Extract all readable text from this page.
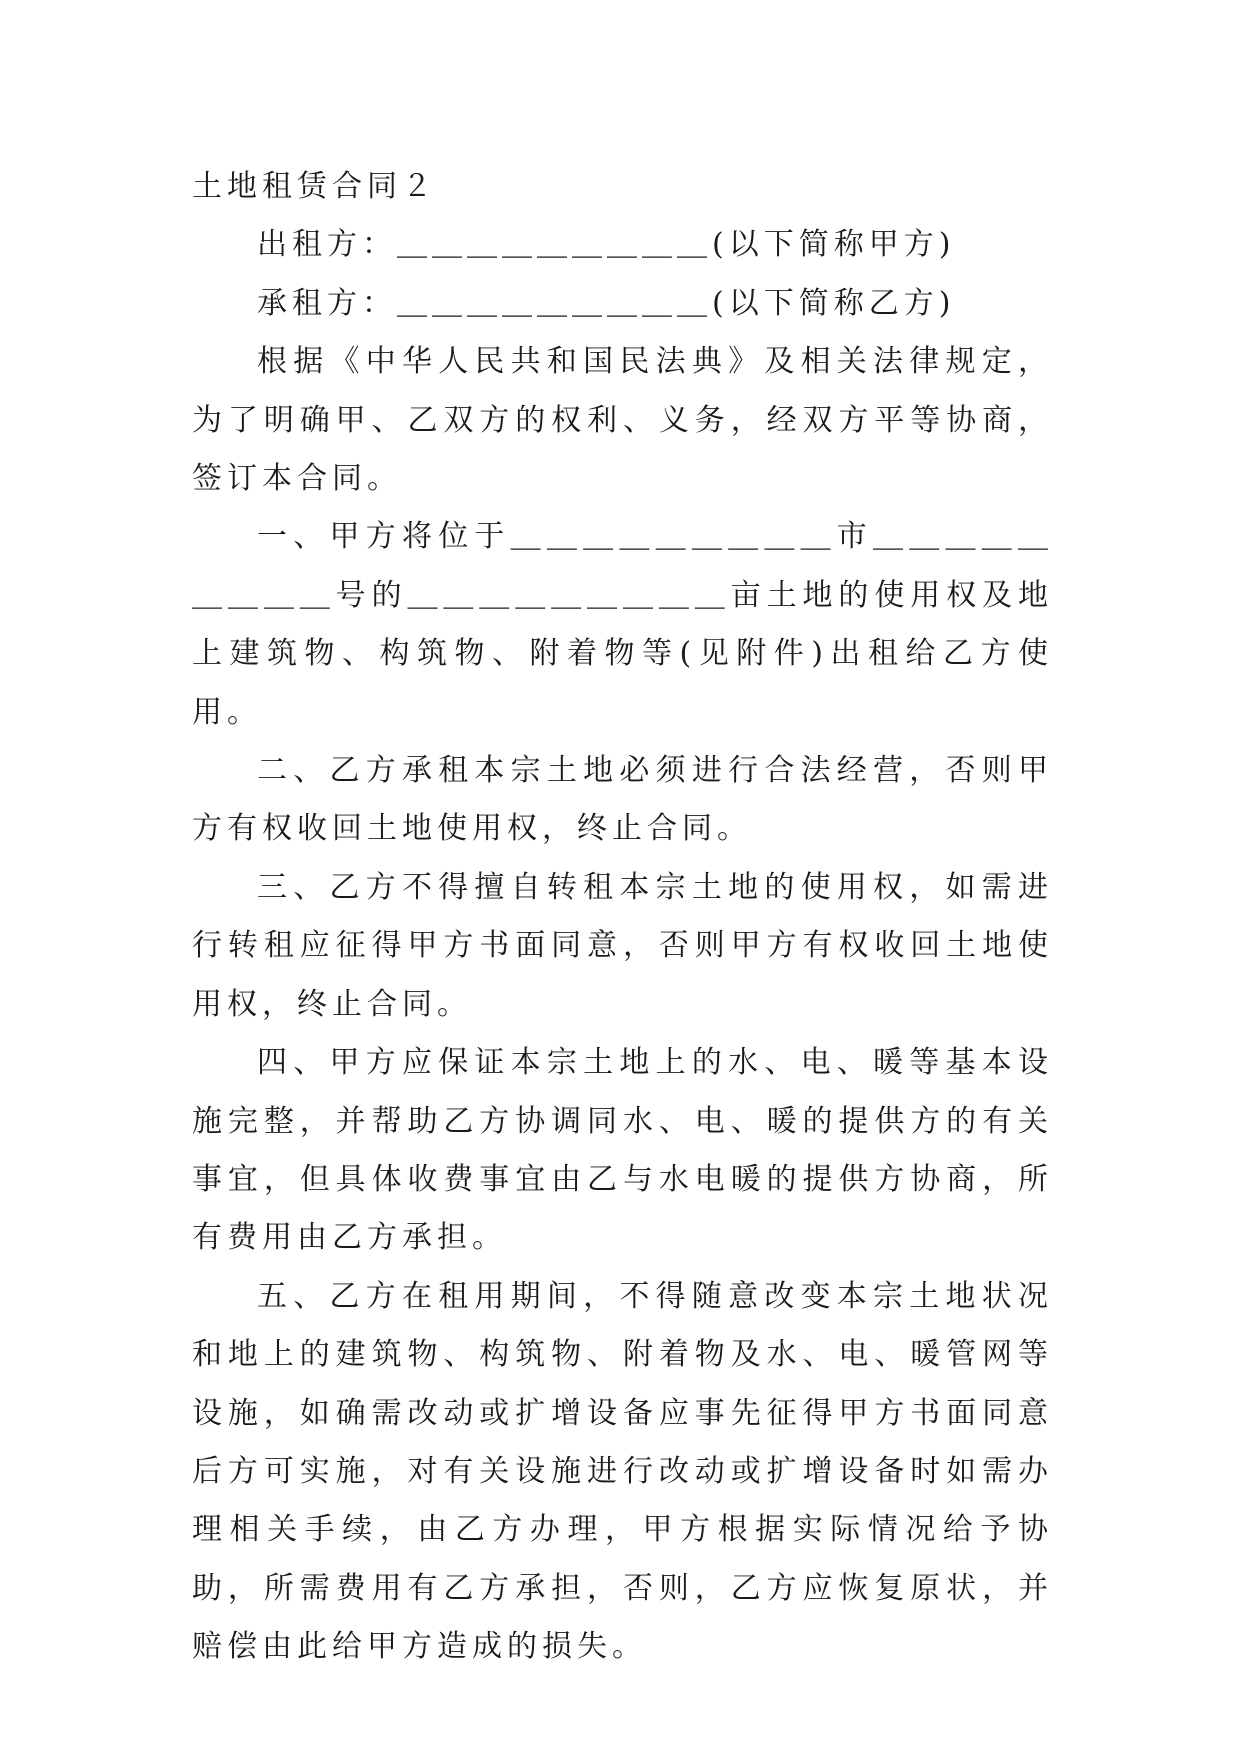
土地租赁合同２

出租方：＿＿＿＿＿＿＿＿＿(以下简称甲方)

承租方：＿＿＿＿＿＿＿＿＿(以下简称乙方)

根据《中华人民共和国民法典》及相关法律规定，为了明确甲、乙双方的权利、义务，经双方平等协商，签订本合同。

一、甲方将位于＿＿＿＿＿＿＿＿＿市＿＿＿＿＿＿＿＿＿号的＿＿＿＿＿＿＿＿＿亩土地的使用权及地上建筑物、构筑物、附着物等(见附件)出租给乙方使用。

二、乙方承租本宗土地必须进行合法经营，否则甲方有权收回土地使用权，终止合同。

三、乙方不得擅自转租本宗土地的使用权，如需进行转租应征得甲方书面同意，否则甲方有权收回土地使用权，终止合同。

四、甲方应保证本宗土地上的水、电、暖等基本设施完整，并帮助乙方协调同水、电、暖的提供方的有关事宜，但具体收费事宜由乙与水电暖的提供方协商，所有费用由乙方承担。

五、乙方在租用期间，不得随意改变本宗土地状况和地上的建筑物、构筑物、附着物及水、电、暖管网等设施，如确需改动或扩增设备应事先征得甲方书面同意后方可实施，对有关设施进行改动或扩增设备时如需办理相关手续，由乙方办理，甲方根据实际情况给予协助，所需费用有乙方承担，否则，乙方应恢复原状，并赔偿由此给甲方造成的损失。
